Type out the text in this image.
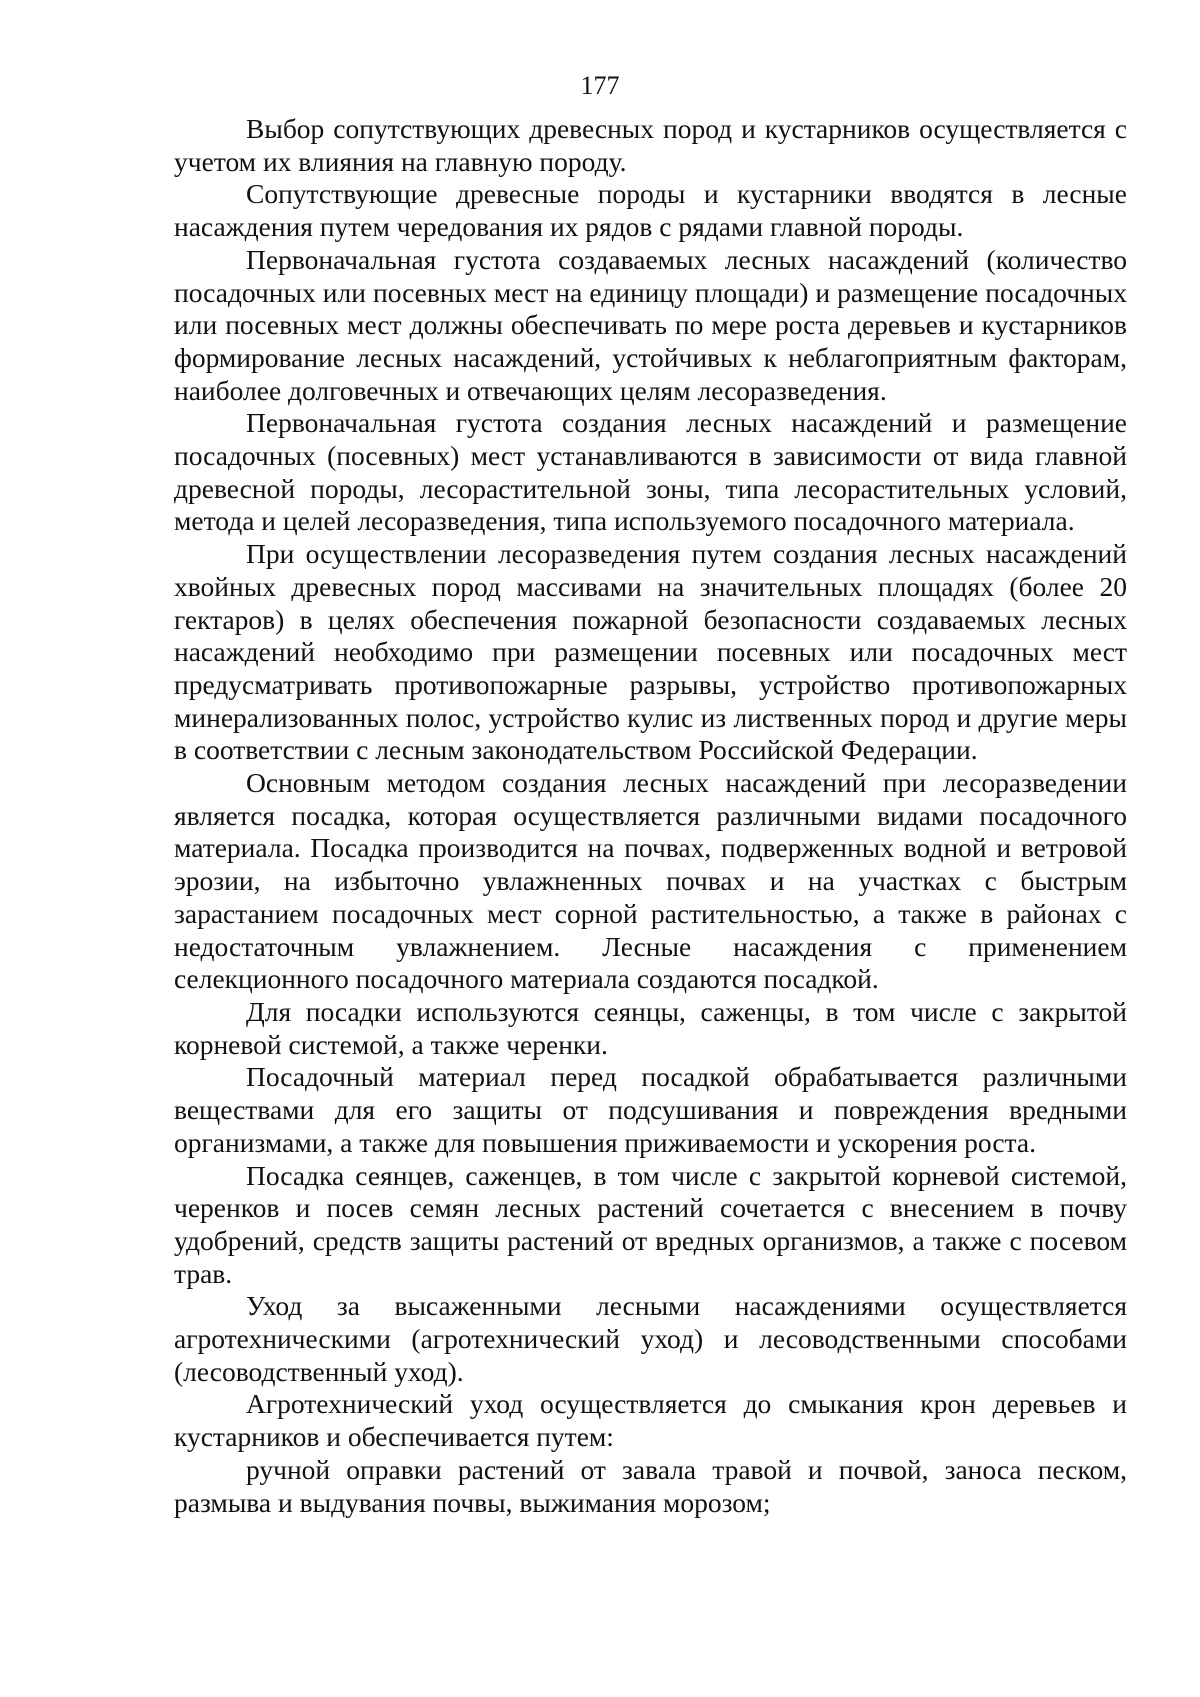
177

Выбор сопутствующих древесных пород и кустарников осуществляется с учетом их влияния на главную породу.

Сопутствующие древесные породы и кустарники вводятся в лесные насаждения путем чередования их рядов с рядами главной породы.

Первоначальная густота создаваемых лесных насаждений (количество посадочных или посевных мест на единицу площади) и размещение посадочных или посевных мест должны обеспечивать по мере роста деревьев и кустарников формирование лесных насаждений, устойчивых к неблагоприятным факторам, наиболее долговечных и отвечающих целям лесоразведения.

Первоначальная густота создания лесных насаждений и размещение посадочных (посевных) мест устанавливаются в зависимости от вида главной древесной породы, лесорастительной зоны, типа лесорастительных условий, метода и целей лесоразведения, типа используемого посадочного материала.

При осуществлении лесоразведения путем создания лесных насаждений хвойных древесных пород массивами на значительных площадях (более 20 гектаров) в целях обеспечения пожарной безопасности создаваемых лесных насаждений необходимо при размещении посевных или посадочных мест предусматривать противопожарные разрывы, устройство противопожарных минерализованных полос, устройство кулис из лиственных пород и другие меры в соответствии с лесным законодательством Российской Федерации.

Основным методом создания лесных насаждений при лесоразведении является посадка, которая осуществляется различными видами посадочного материала. Посадка производится на почвах, подверженных водной и ветровой эрозии, на избыточно увлажненных почвах и на участках с быстрым зарастанием посадочных мест сорной растительностью, а также в районах с недостаточным увлажнением. Лесные насаждения с применением селекционного посадочного материала создаются посадкой.

Для посадки используются сеянцы, саженцы, в том числе с закрытой корневой системой, а также черенки.

Посадочный материал перед посадкой обрабатывается различными веществами для его защиты от подсушивания и повреждения вредными организмами, а также для повышения приживаемости и ускорения роста.

Посадка сеянцев, саженцев, в том числе с закрытой корневой системой, черенков и посев семян лесных растений сочетается с внесением в почву удобрений, средств защиты растений от вредных организмов, а также с посевом трав.

Уход за высаженными лесными насаждениями осуществляется агротехническими (агротехнический уход) и лесоводственными способами (лесоводственный уход).

Агротехнический уход осуществляется до смыкания крон деревьев и кустарников и обеспечивается путем:

ручной оправки растений от завала травой и почвой, заноса песком, размыва и выдувания почвы, выжимания морозом;
